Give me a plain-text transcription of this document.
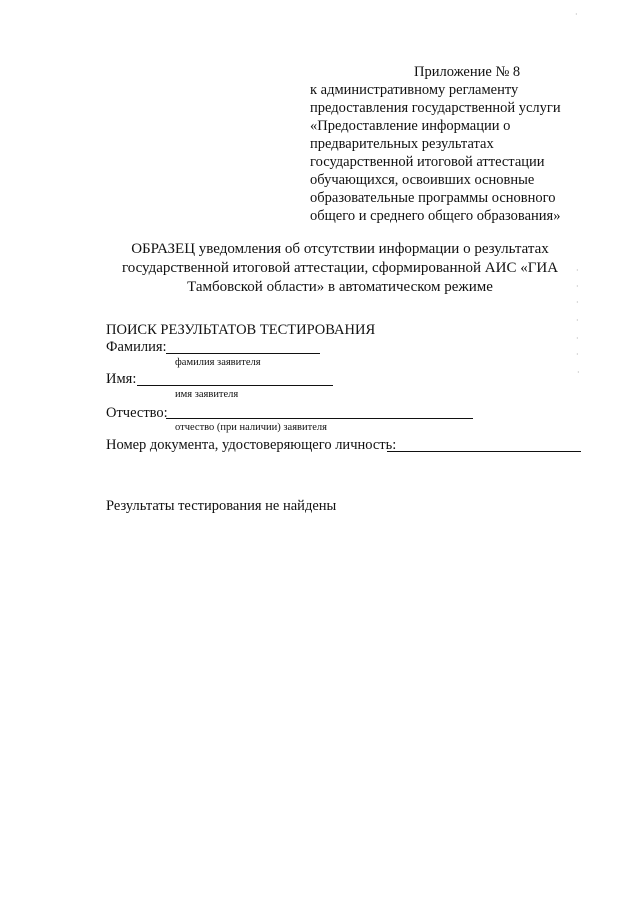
Приложение № 8
к административному регламенту
предоставления государственной услуги
«Предоставление информации о
предварительных результатах
государственной итоговой аттестации
обучающихся, освоивших основные
образовательные программы основного
общего и среднего общего образования»
ОБРАЗЕЦ уведомления об отсутствии информации о результатах
государственной итоговой аттестации, сформированной АИС «ГИА
Тамбовской области» в автоматическом режиме
ПОИСК РЕЗУЛЬТАТОВ ТЕСТИРОВАНИЯ
Фамилия:
фамилия заявителя
Имя:
имя заявителя
Отчество:
отчество (при наличии) заявителя
Номер документа, удостоверяющего личность:
Результаты тестирования не найдены
·
·
·
·
·
·
·
·
